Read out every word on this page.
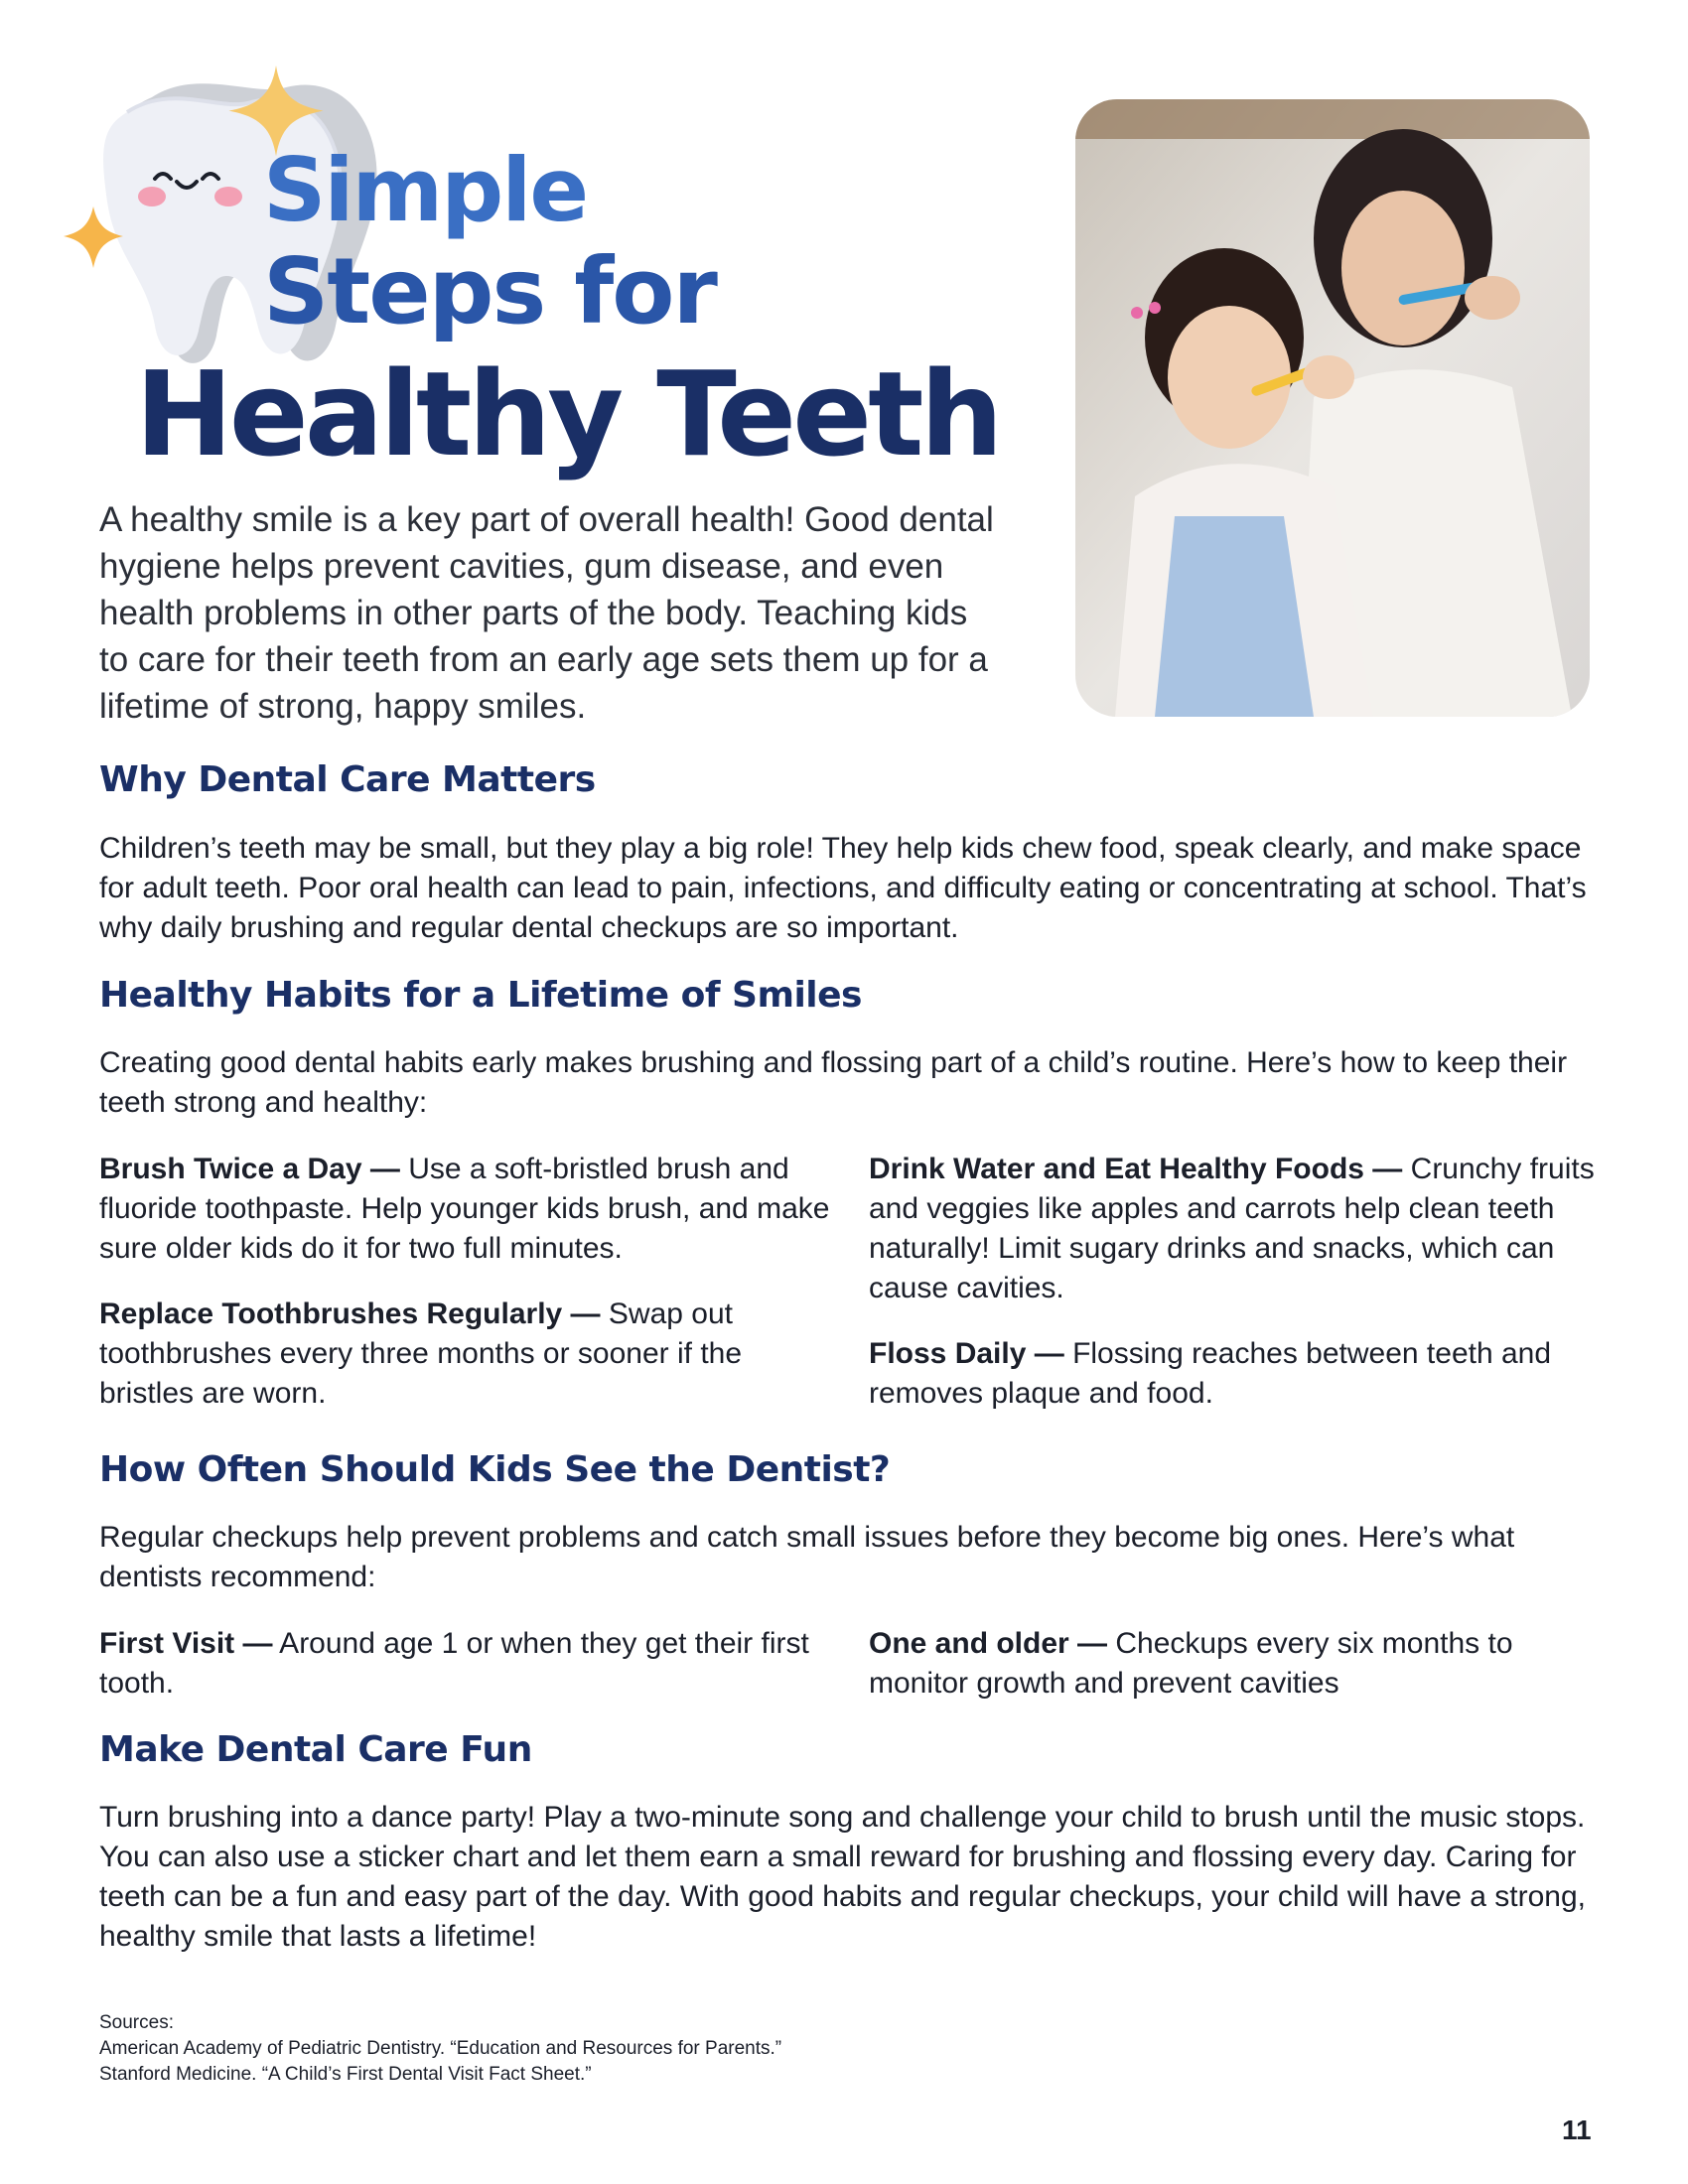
Simple
Steps for
Healthy Teeth

A healthy smile is a key part of overall health! Good dental hygiene helps prevent cavities, gum disease, and even health problems in other parts of the body. Teaching kids to care for their teeth from an early age sets them up for a lifetime of strong, happy smiles.

Why Dental Care Matters

Children’s teeth may be small, but they play a big role! They help kids chew food, speak clearly, and make space for adult teeth. Poor oral health can lead to pain, infections, and difficulty eating or concentrating at school. That’s why daily brushing and regular dental checkups are so important.

Healthy Habits for a Lifetime of Smiles

Creating good dental habits early makes brushing and flossing part of a child’s routine. Here’s how to keep their teeth strong and healthy:

Brush Twice a Day — Use a soft-bristled brush and fluoride toothpaste. Help younger kids brush, and make sure older kids do it for two full minutes.

Replace Toothbrushes Regularly — Swap out toothbrushes every three months or sooner if the bristles are worn.

Drink Water and Eat Healthy Foods — Crunchy fruits and veggies like apples and carrots help clean teeth naturally! Limit sugary drinks and snacks, which can cause cavities.

Floss Daily — Flossing reaches between teeth and removes plaque and food.

How Often Should Kids See the Dentist?

Regular checkups help prevent problems and catch small issues before they become big ones. Here’s what dentists recommend:

First Visit — Around age 1 or when they get their first tooth.

One and older — Checkups every six months to monitor growth and prevent cavities

Make Dental Care Fun

Turn brushing into a dance party! Play a two-minute song and challenge your child to brush until the music stops. You can also use a sticker chart and let them earn a small reward for brushing and flossing every day. Caring for teeth can be a fun and easy part of the day. With good habits and regular checkups, your child will have a strong, healthy smile that lasts a lifetime!

Sources:
American Academy of Pediatric Dentistry. “Education and Resources for Parents.”
Stanford Medicine. “A Child’s First Dental Visit Fact Sheet.”
11
